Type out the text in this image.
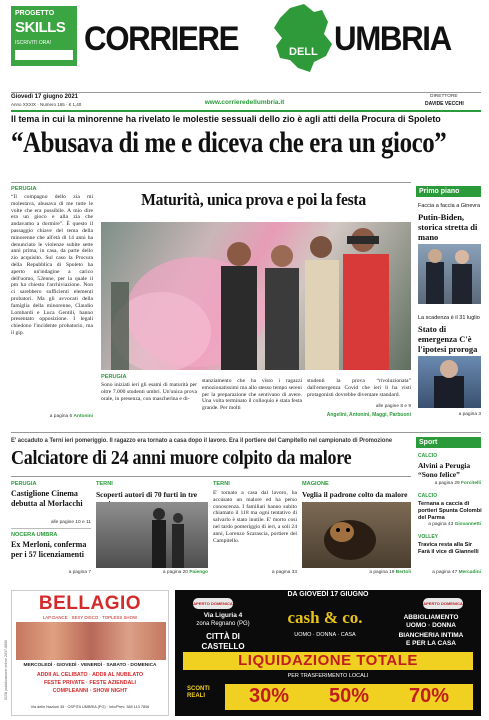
PROGETTO
SKILLS
ISCRIVITI ORA! CORRIERE	DELL UMBRIA
Giovedì 17 giugno 2021
Anno XXXIX · Numero 165 · € 1,40	www.corrieredellumbria.it
DIRETTORE
DAVIDE VECCHI
Il tema in cui la minorenne ha rivelato le molestie sessuali dello zio è agli atti della Procura di Spoleto
“Abusava di me e diceva che era un gioco”
PERUGIA
“Il compagno dello zia mi molestava, abusava di me tutte le volte che era possibile. A mio dire era un gioco e alla zia che andavamo a dormire”. È questo il passaggio chiave del tema della minorenne che all'età di 14 anni ha denunciato le violenze subite sette anni prima, in casa, da parte dello zio acquisito. Sul caso la Procura della Repubblica di Spoleto ha aperto un'indagine a carico dell'uomo, 52enne, per la quale il pm ha chiesto l'archiviazione. Non ci sarebbero sufficienti elementi probatori. Ma gli avvocati della famiglia della minorenne, Claudio Lombardi e Luca Gentili, hanno presentato opposizione. I legali chiedono l'incidente probatorio, ma il gip.
a pagina 5 Antonini
Maturità, unica prova e poi la festa
PERUGIA
Sono iniziati ieri gli esami di maturità per oltre 7.000 studenti umbri. Un'unica prova orale, in presenza, con mascherina e di-
stanziamento che ha visto i ragazzi emozionatissimi ma allo stesso tempo sereni per la preparazione che sentivano di avere. Una volta terminato il colloquio è stata festa grande. Per molti
studenti la prova “rivoluzionata” dall'emergenza Covid che ieri li ha visti protagonisti dovrebbe diventare standard.
alle pagine 8 e 9
Angelini, Antonini, Maggi, Parbuoni
Primo piano
Faccia a faccia a Ginevra
Putin-Biden, storica stretta di mano
La scadenza è il 31 luglio
Stato di emergenza C'è l'ipotesi proroga
a pagina 3
E' accaduto a Terni ieri pomeriggio. Il ragazzo era tornato a casa dopo il lavoro. Era il portiere del Campitello nel campionato di Promozione
Calciatore di 24 anni muore colpito da malore
PERUGIA
Castiglione Cinema debutta al Morlacchi
alle pagine 10 e 11
NOCERA UMBRA
Ex Merloni, conferma per i 57 licenziamenti
a pagina 7
TERNI
Scoperti autori di 70 furti in tre
a pagina 20 Paiengo
TERNI
E' tornato a casa dal lavoro, ha accusato un malore ed ha perso conoscenza. I familiari hanno subito chiamato il 118 ma ogni tentativo di salvarlo è stato inutile. E' morto così nel tardo pomeriggio di ieri, a soli 24 anni, Lorenzo Scarascia, portiere del Campitello.
a pagina 33
MAGIONE
Veglia il padrone colto da malore
a pagina 19 Bertoli
Sport
CALCIO
Alvini a Perugia “Sono felice”
a pagina 29 Forcitelli
CALCIO
Ternana a caccia di portieri Spunta Colombi del Parma
a pagina 43 Giovannetti
VOLLEY
Travica resta alla Sir Farà il vice di Giannelli
a pagina 47 Mercadini
BELLAGIO
LAP DANCE · SEXY DISCO · TOPLESS SHOW
MERCOLEDÌ · GIOVEDÌ · VENERDÌ · SABATO · DOMENICA
ADDII AL CELIBATO · ADDII AL NUBILATO
FESTE PRIVATE · FESTE AZIENDALI
COMPLEANNI · SHOW NIGHT
Via delle Nazioni 35 · OSPITA UMBRIA (PG) · Info/Prev: 389 113 7806
DA GIOVEDÌ 17 GIUGNO
APERTO DOMENICA	APERTO DOMENICA
Via Liguria 4
zona Regnano (PG)
CITTÀ DI
CASTELLO
cash & co.
UOMO · DONNA · CASA
ABBIGLIAMENTO
UOMO · DONNA
BIANCHERIA INTIMA
E PER LA CASA
LIQUIDAZIONE TOTALE
PER TRASFERIMENTO LOCALI
SCONTI REALI	30%	50%	70%
ISSN pubblicazione online 2037-8890
